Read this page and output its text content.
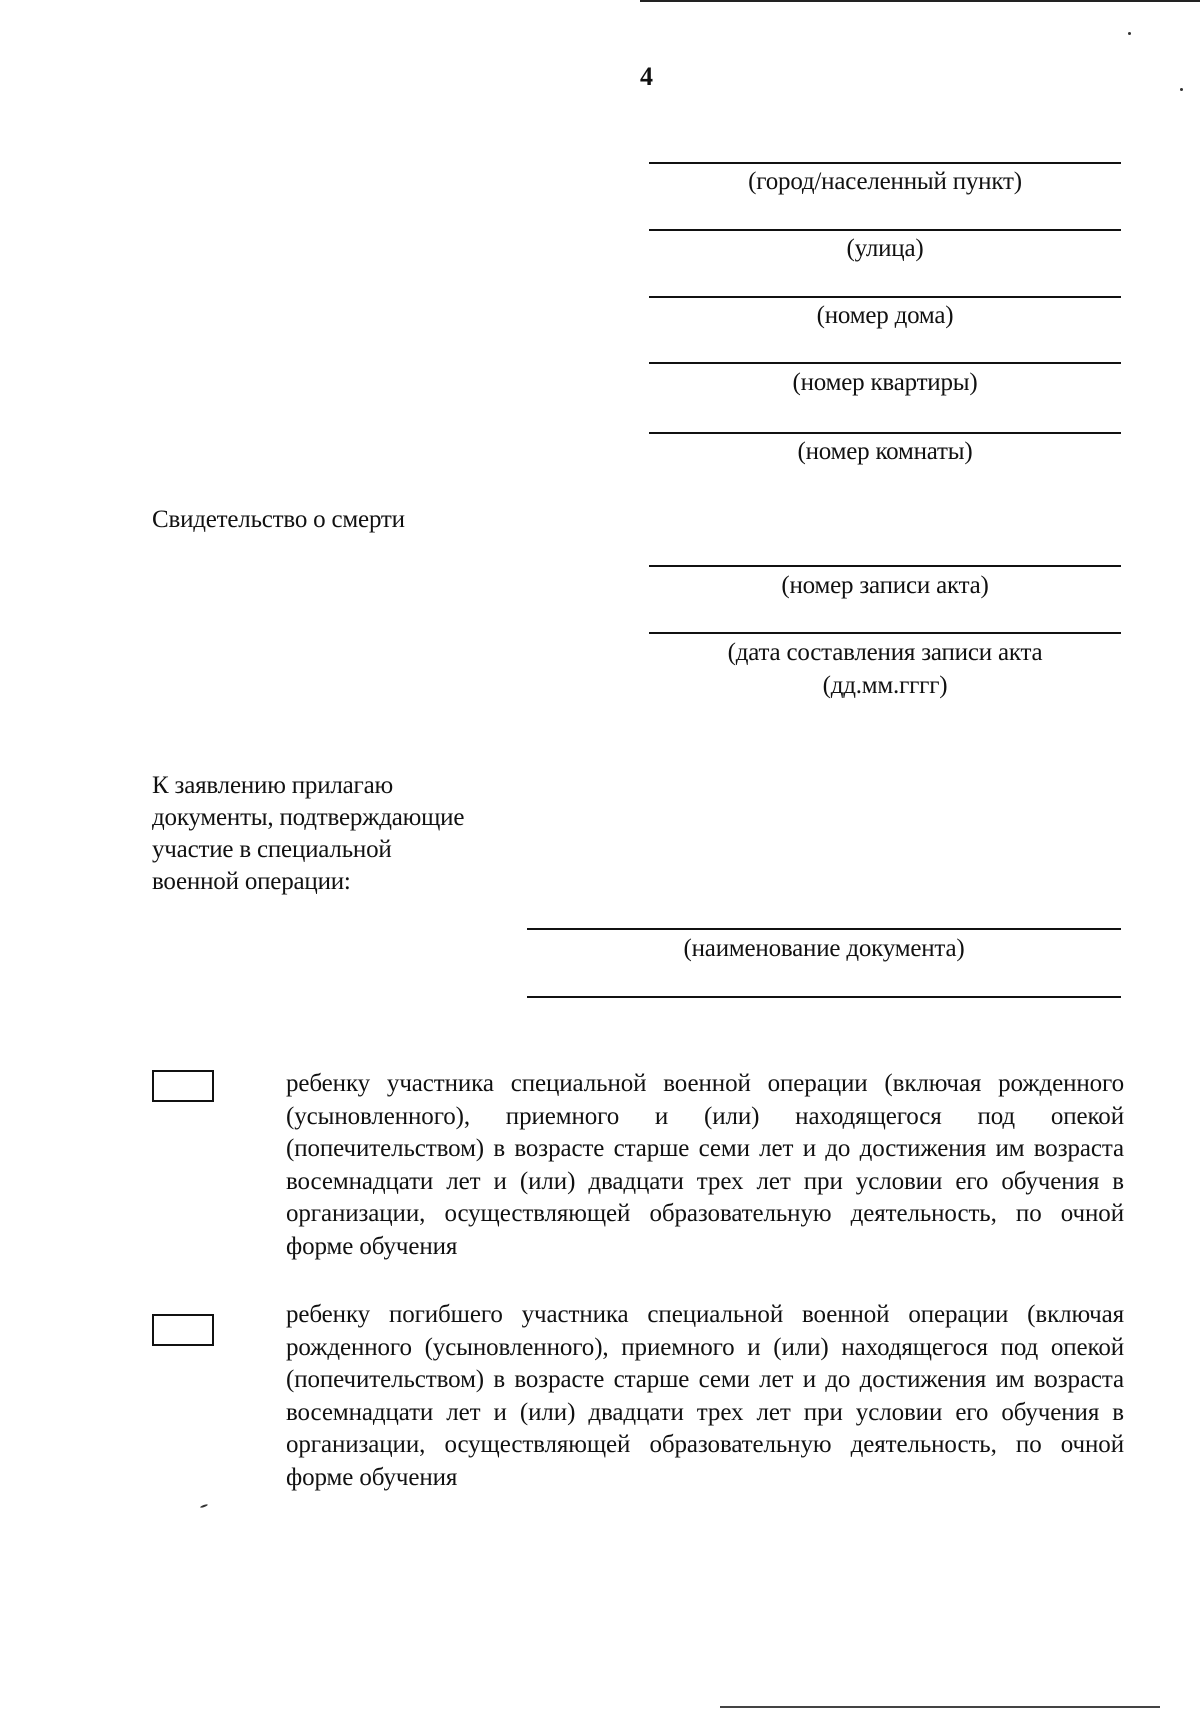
4
(город/населенный пункт)
(улица)
(номер дома)
(номер квартиры)
(номер комнаты)
Свидетельство о смерти
(номер записи акта)
(дата составления записи акта
(дд.мм.гггг)
К заявлению прилагаю
документы, подтверждающие
участие в специальной
военной операции:
(наименование документа)
ребенку участника специальной военной операции (включая рожденного (усыновленного), приемного и (или) находящегося под опекой (попечительством) в возрасте старше семи лет и до достижения им возраста восемнадцати лет и (или) двадцати трех лет при условии его обучения в организации, осуществляющей образовательную деятельность, по очной форме обучения
ребенку погибшего участника специальной военной операции (включая рожденного (усыновленного), приемного и (или) находящегося под опекой (попечительством) в возрасте старше семи лет и до достижения им возраста восемнадцати лет и (или) двадцати трех лет при условии его обучения в организации, осуществляющей образовательную деятельность, по очной форме обучения
